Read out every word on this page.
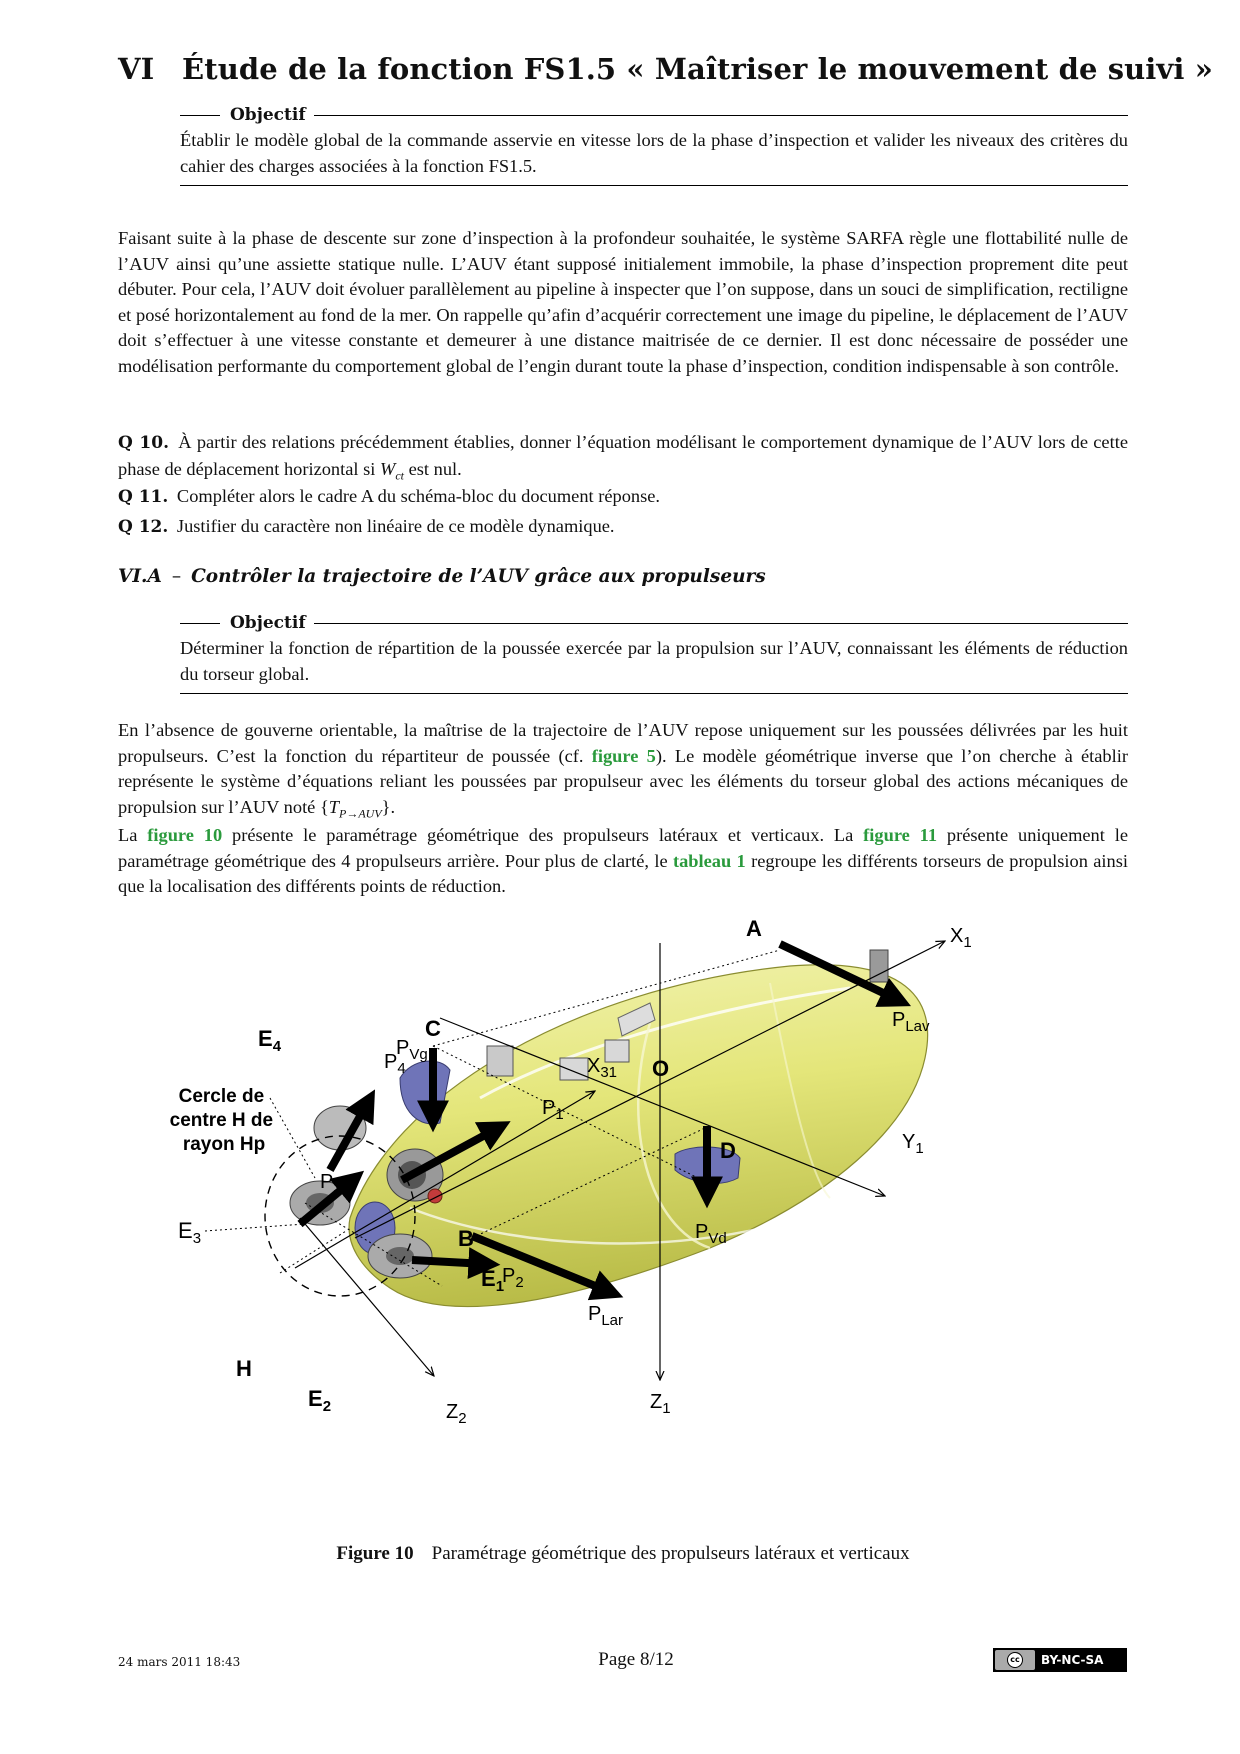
VI Étude de la fonction FS1.5 « Maîtriser le mouvement de suivi »
Objectif
Établir le modèle global de la commande asservie en vitesse lors de la phase d’inspection et valider les niveaux des critères du cahier des charges associées à la fonction FS1.5.

Faisant suite à la phase de descente sur zone d’inspection à la profondeur souhaitée, le système SARFA règle une flottabilité nulle de l’AUV ainsi qu’une assiette statique nulle. L’AUV étant supposé initialement immobile, la phase d’inspection proprement dite peut débuter. Pour cela, l’AUV doit évoluer parallèlement au pipeline à inspecter que l’on suppose, dans un souci de simplification, rectiligne et posé horizontalement au fond de la mer. On rappelle qu’afin d’acquérir correctement une image du pipeline, le déplacement de l’AUV doit s’effectuer à une vitesse constante et demeurer à une distance maitrisée de ce dernier. Il est donc nécessaire de posséder une modélisation performante du comportement global de l’engin durant toute la phase d’inspection, condition indispensable à son contrôle.

Q 10. À partir des relations précédemment établies, donner l’équation modélisant le comportement dynamique de l’AUV lors de cette phase de déplacement horizontal si $W_{ct}$ est nul.

Q 11. Compléter alors le cadre A du schéma-bloc du document réponse.

Q 12. Justifier du caractère non linéaire de ce modèle dynamique.

VI.A – Contrôler la trajectoire de l’AUV grâce aux propulseurs
Objectif
Déterminer la fonction de répartition de la poussée exercée par la propulsion sur l’AUV, connaissant les éléments de réduction du torseur global.

En l’absence de gouverne orientable, la maîtrise de la trajectoire de l’AUV repose uniquement sur les poussées délivrées par les huit propulseurs. C’est la fonction du répartiteur de poussée (cf. figure 5). Le modèle géométrique inverse que l’on cherche à établir représente le système d’équations reliant les poussées par propulseur avec les éléments du torseur global des actions mécaniques de propulsion sur l’AUV noté $\{T_{P\to AUV}\}$.

La figure 10 présente le paramétrage géométrique des propulseurs latéraux et verticaux. La figure 11 présente uniquement le paramétrage géométrique des 4 propulseurs arrière. Pour plus de clarté, le tableau 1 regroupe les différents torseurs de propulsion ainsi que la localisation des différents points de réduction.

$X_1$
$Y_1$
$Z_1$
$Z_2$
$X_{31}$ O
A
B
C
D
H
$E_1$
$E_2$
$E_3$
$E_4$
$P_4$
$P_3$
$P_1$
$P_2$
$P_{Lav}$
$P_{Lar}$
$P_{Vg}$
$P_{Vd}$
Cercle de centre H de rayon Hp
Figure 10 Paramétrage géométrique des propulseurs latéraux et verticaux
24 mars 2011 18:43	Page 8/12	cc BY-NC-SA
